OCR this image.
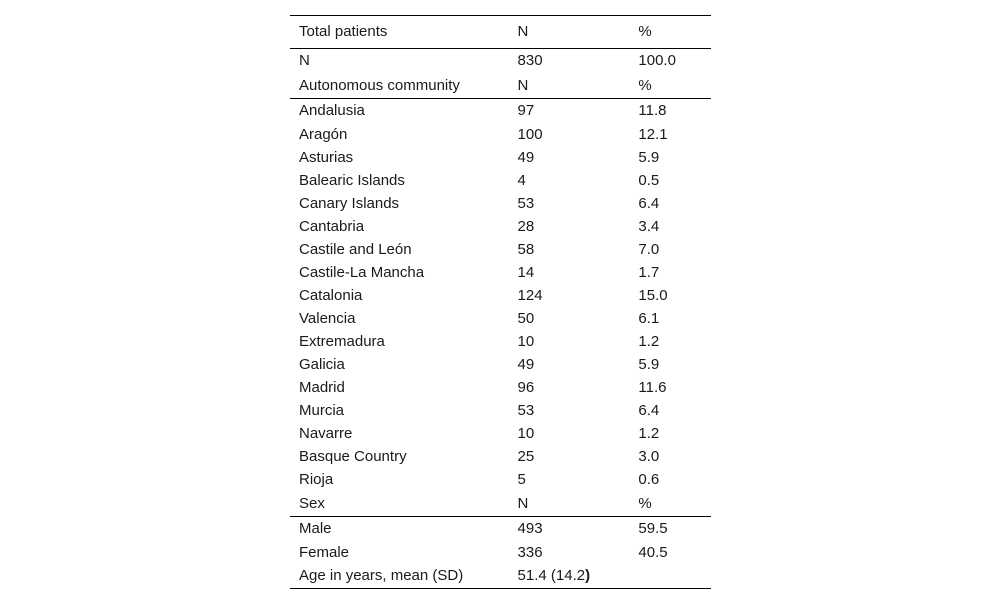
Total patients	N	%
N	830	100.0
Autonomous community	N	%
Andalusia	97	11.8
Aragón	100	12.1
Asturias	49	5.9
Balearic Islands	4	0.5
Canary Islands	53	6.4
Cantabria	28	3.4
Castile and León	58	7.0
Castile-La Mancha	14	1.7
Catalonia	124	15.0
Valencia	50	6.1
Extremadura	10	1.2
Galicia	49	5.9
Madrid	96	11.6
Murcia	53	6.4
Navarre	10	1.2
Basque Country	25	3.0
Rioja	5	0.6
Sex	N	%
Male	493	59.5
Female	336	40.5
Age in years, mean (SD)	51.4 (14.2)	
